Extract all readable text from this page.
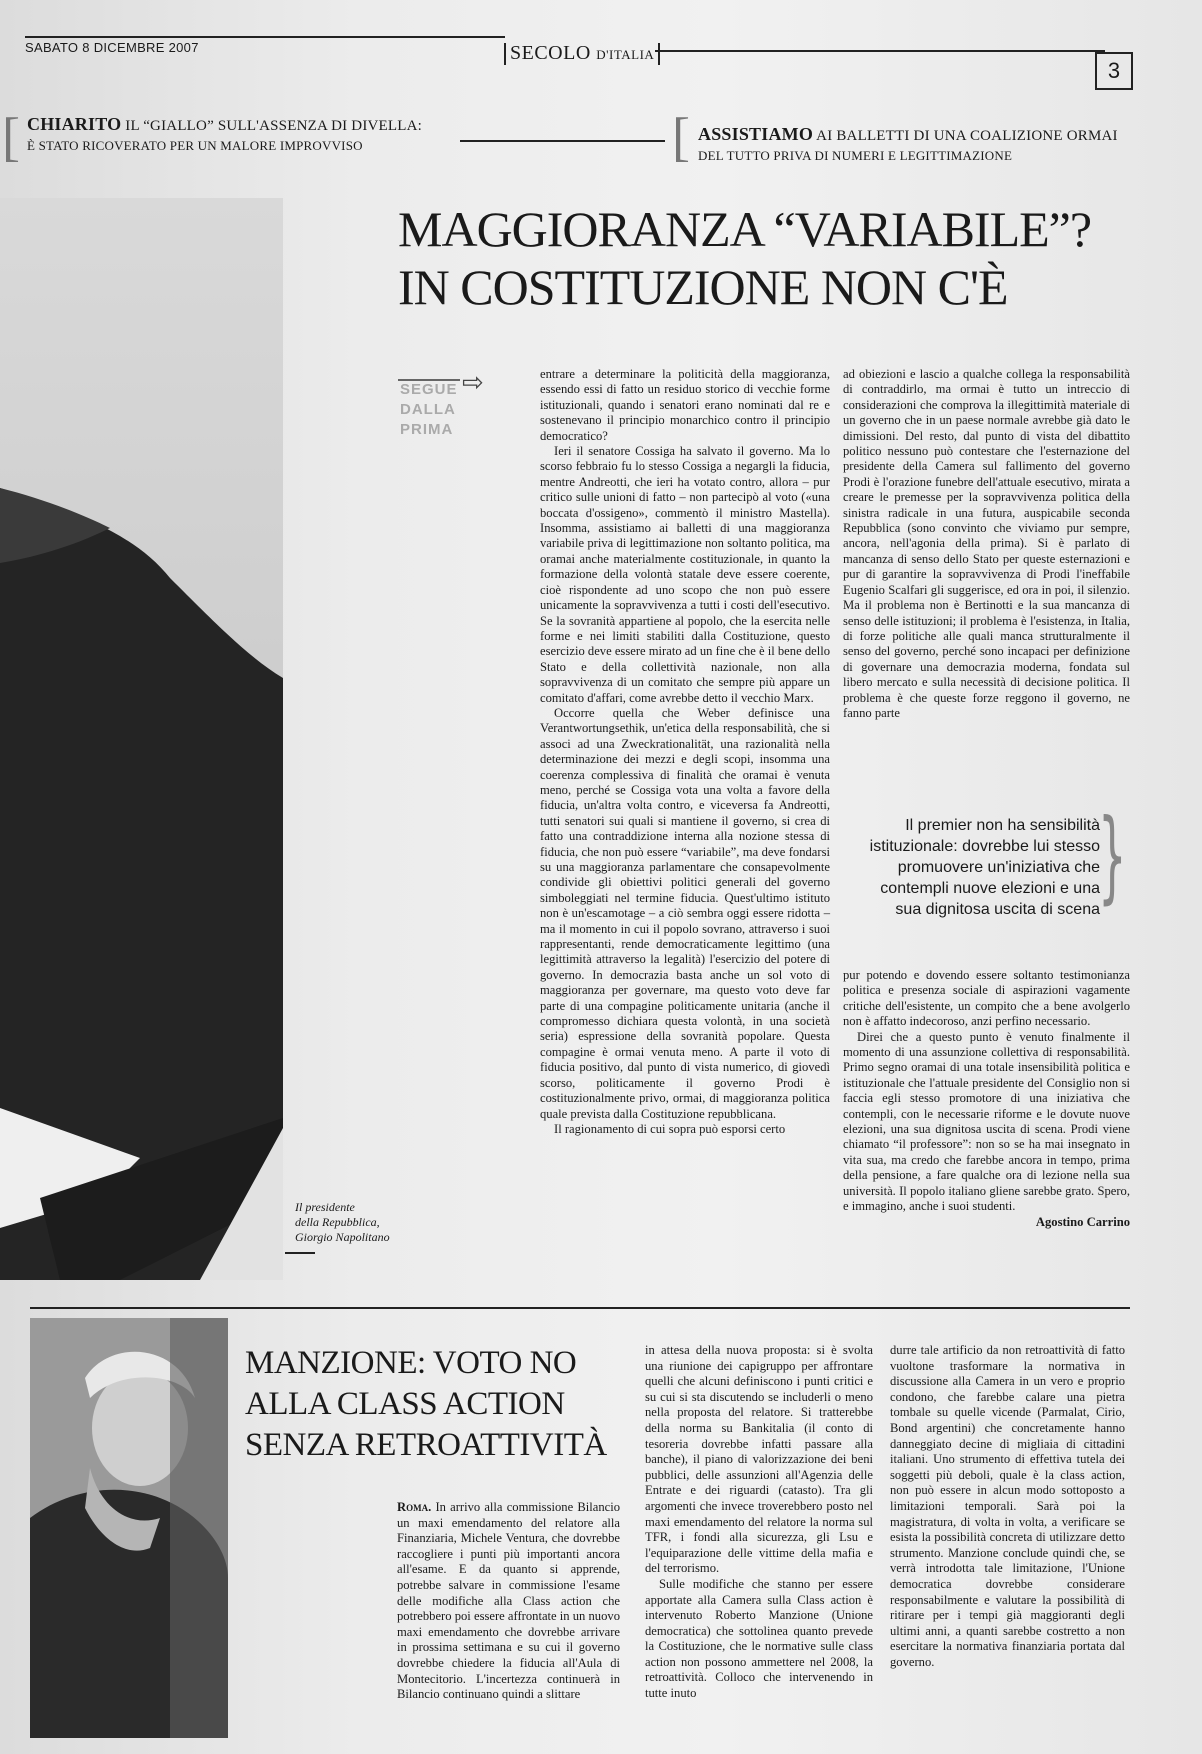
SABATO 8 DICEMBRE 2007	SECOLO D'ITALIA
3
[ CHIARITO IL “GIALLO” SULL'ASSENZA DI DIVELLA:
È STATO RICOVERATO PER UN MALORE IMPROVVISO	[ ASSISTIAMO AI BALLETTI DI UNA COALIZIONE ORMAI
DEL TUTTO PRIVA DI NUMERI E LEGITTIMAZIONE
Il presidente
della Repubblica,
Giorgio Napolitano
MAGGIORANZA “VARIABILE”?
IN COSTITUZIONE NON C'È
⇨
SEGUE
DALLA
PRIMA

entrare a determinare la politicità della maggioranza, essendo essi di fatto un residuo storico di vecchie forme istituzionali, quando i senatori erano nominati dal re e sostenevano il principio monarchico contro il principio democratico?

Ieri il senatore Cossiga ha salvato il governo. Ma lo scorso febbraio fu lo stesso Cossiga a negargli la fiducia, mentre Andreotti, che ieri ha votato contro, allora – pur critico sulle unioni di fatto – non partecipò al voto («una boccata d'ossigeno», commentò il ministro Mastella). Insomma, assistiamo ai balletti di una maggioranza variabile priva di legittimazione non soltanto politica, ma oramai anche materialmente costituzionale, in quanto la formazione della volontà statale deve essere coerente, cioè rispondente ad uno scopo che non può essere unicamente la sopravvivenza a tutti i costi dell'esecutivo. Se la sovranità appartiene al popolo, che la esercita nelle forme e nei limiti stabiliti dalla Costituzione, questo esercizio deve essere mirato ad un fine che è il bene dello Stato e della collettività nazionale, non alla sopravvivenza di un comitato che sempre più appare un comitato d'affari, come avrebbe detto il vecchio Marx.

Occorre quella che Weber definisce una Verantwortungsethik, un'etica della responsabilità, che si associ ad una Zweckrationalität, una razionalità nella determinazione dei mezzi e degli scopi, insomma una coerenza complessiva di finalità che oramai è venuta meno, perché se Cossiga vota una volta a favore della fiducia, un'altra volta contro, e viceversa fa Andreotti, tutti senatori sui quali si mantiene il governo, si crea di fatto una contraddizione interna alla nozione stessa di fiducia, che non può essere “variabile”, ma deve fondarsi su una maggioranza parlamentare che consapevolmente condivide gli obiettivi politici generali del governo simboleggiati nel termine fiducia. Quest'ultimo istituto non è un'escamotage – a ciò sembra oggi essere ridotta – ma il momento in cui il popolo sovrano, attraverso i suoi rappresentanti, rende democraticamente legittimo (una legittimità attraverso la legalità) l'esercizio del potere di governo. In democrazia basta anche un sol voto di maggioranza per governare, ma questo voto deve far parte di una compagine politicamente unitaria (anche il compromesso dichiara questa volontà, in una società seria) espressione della sovranità popolare. Questa compagine è ormai venuta meno. A parte il voto di fiducia positivo, dal punto di vista numerico, di giovedì scorso, politicamente il governo Prodi è costituzionalmente privo, ormai, di maggioranza politica quale prevista dalla Costituzione repubblicana.

Il ragionamento di cui sopra può esporsi certo

ad obiezioni e lascio a qualche collega la responsabilità di contraddirlo, ma ormai è tutto un intreccio di considerazioni che comprova la illegittimità materiale di un governo che in un paese normale avrebbe già dato le dimissioni. Del resto, dal punto di vista del dibattito politico nessuno può contestare che l'esternazione del presidente della Camera sul fallimento del governo Prodi è l'orazione funebre dell'attuale esecutivo, mirata a creare le premesse per la sopravvivenza politica della sinistra radicale in una futura, auspicabile seconda Repubblica (sono convinto che viviamo pur sempre, ancora, nell'agonia della prima). Si è parlato di mancanza di senso dello Stato per queste esternazioni e pur di garantire la sopravvivenza di Prodi l'ineffabile Eugenio Scalfari gli suggerisce, ed ora in poi, il silenzio. Ma il problema non è Bertinotti e la sua mancanza di senso delle istituzioni; il problema è l'esistenza, in Italia, di forze politiche alle quali manca strutturalmente il senso del governo, perché sono incapaci per definizione di governare una democrazia moderna, fondata sul libero mercato e sulla necessità di decisione politica. Il problema è che queste forze reggono il governo, ne fanno parte

Il premier non ha sensibilità istituzionale: dovrebbe lui stesso promuovere un'iniziativa che contempli nuove elezioni e una sua dignitosa uscita di scena
}

pur potendo e dovendo essere soltanto testimonianza politica e presenza sociale di aspirazioni vagamente critiche dell'esistente, un compito che a bene avolgerlo non è affatto indecoroso, anzi perfino necessario.

Direi che a questo punto è venuto finalmente il momento di una assunzione collettiva di responsabilità. Primo segno oramai di una totale insensibilità politica e istituzionale che l'attuale presidente del Consiglio non si faccia egli stesso promotore di una iniziativa che contempli, con le necessarie riforme e le dovute nuove elezioni, una sua dignitosa uscita di scena. Prodi viene chiamato “il professore”: non so se ha mai insegnato in vita sua, ma credo che farebbe ancora in tempo, prima della pensione, a fare qualche ora di lezione nella sua università. Il popolo italiano gliene sarebbe grato. Spero, e immagino, anche i suoi studenti.

Agostino Carrino
MANZIONE: VOTO NO ALLA CLASS ACTION SENZA RETROATTIVITÀ

Roma. In arrivo alla commissione Bilancio un maxi emendamento del relatore alla Finanziaria, Michele Ventura, che dovrebbe raccogliere i punti più importanti ancora all'esame. E da quanto si apprende, potrebbe salvare in commissione l'esame delle modifiche alla Class action che potrebbero poi essere affrontate in un nuovo maxi emendamento che dovrebbe arrivare in prossima settimana e su cui il governo dovrebbe chiedere la fiducia all'Aula di Montecitorio. L'incertezza continuerà in Bilancio continuano quindi a slittare

in attesa della nuova proposta: si è svolta una riunione dei capigruppo per affrontare quelli che alcuni definiscono i punti critici e su cui si sta discutendo se includerli o meno nella proposta del relatore. Si tratterebbe della norma su Bankitalia (il conto di tesoreria dovrebbe infatti passare alla banche), il piano di valorizzazione dei beni pubblici, delle assunzioni all'Agenzia delle Entrate e dei riguardi (catasto). Tra gli argomenti che invece troverebbero posto nel maxi emendamento del relatore la norma sul TFR, i fondi alla sicurezza, gli Lsu e l'equiparazione delle vittime della mafia e del terrorismo.

Sulle modifiche che stanno per essere apportate alla Camera sulla Class action è intervenuto Roberto Manzione (Unione democratica) che sottolinea quanto prevede la Costituzione, che le normative sulle class action non possono ammettere nel 2008, la retroattività. Colloco che intervenendo in tutte inuto

durre tale artificio da non retroattività di fatto vuoltone trasformare la normativa in discussione alla Camera in un vero e proprio condono, che farebbe calare una pietra tombale su quelle vicende (Parmalat, Cirio, Bond argentini) che concretamente hanno danneggiato decine di migliaia di cittadini italiani. Uno strumento di effettiva tutela dei soggetti più deboli, quale è la class action, non può essere in alcun modo sottoposto a limitazioni temporali. Sarà poi la magistratura, di volta in volta, a verificare se esista la possibilità concreta di utilizzare detto strumento. Manzione conclude quindi che, se verrà introdotta tale limitazione, l'Unione democratica dovrebbe considerare responsabilmente e valutare la possibilità di ritirare per i tempi già maggioranti degli ultimi anni, a quanti sarebbe costretto a non esercitare la normativa finanziaria portata dal governo.
